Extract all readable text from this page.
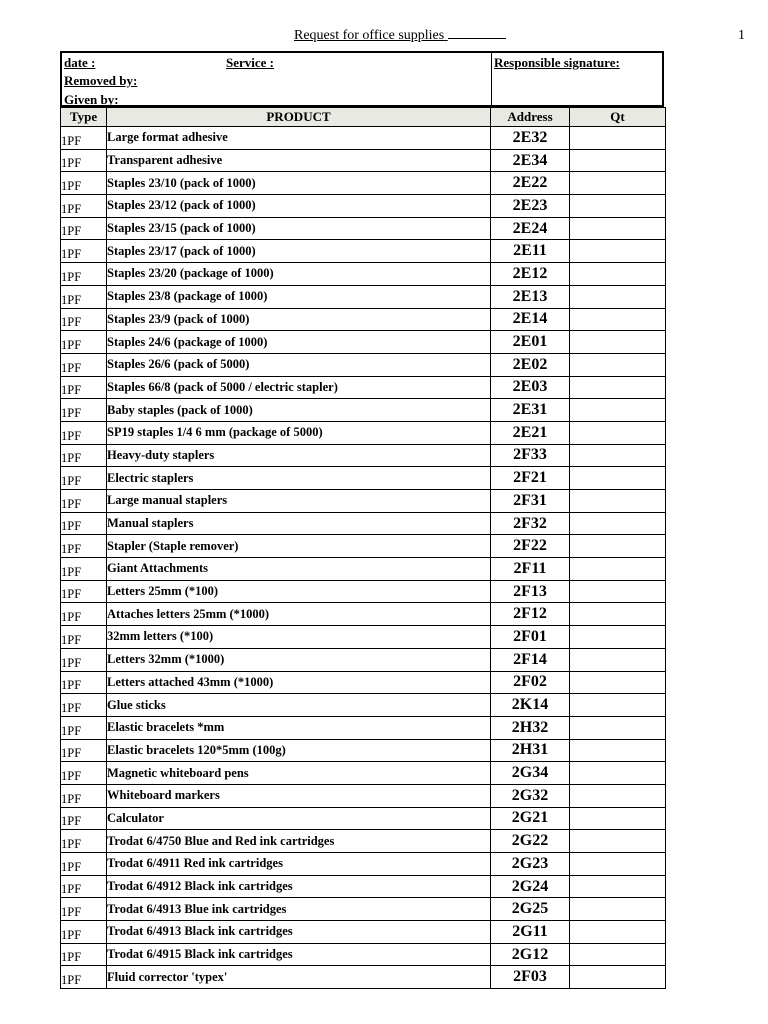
Request for office supplies	1
date :	Service :
Removed by:
Given by:
Responsible signature:
Type	PRODUCT	Address	Qt
1PF	Large format adhesive	2E32	
1PF	Transparent adhesive	2E34	
1PF	Staples 23/10 (pack of 1000)	2E22	
1PF	Staples 23/12 (pack of 1000)	2E23	
1PF	Staples 23/15 (pack of 1000)	2E24	
1PF	Staples 23/17 (pack of 1000)	2E11	
1PF	Staples 23/20 (package of 1000)	2E12	
1PF	Staples 23/8 (package of 1000)	2E13	
1PF	Staples 23/9 (pack of 1000)	2E14	
1PF	Staples 24/6 (package of 1000)	2E01	
1PF	Staples 26/6 (pack of 5000)	2E02	
1PF	Staples 66/8 (pack of 5000 / electric stapler)	2E03	
1PF	Baby staples (pack of 1000)	2E31	
1PF	SP19 staples 1/4 6 mm (package of 5000)	2E21	
1PF	Heavy-duty staplers	2F33	
1PF	Electric staplers	2F21	
1PF	Large manual staplers	2F31	
1PF	Manual staplers	2F32	
1PF	Stapler (Staple remover)	2F22	
1PF	Giant Attachments	2F11	
1PF	Letters 25mm (*100)	2F13	
1PF	Attaches letters 25mm (*1000)	2F12	
1PF	32mm letters (*100)	2F01	
1PF	Letters 32mm (*1000)	2F14	
1PF	Letters attached 43mm (*1000)	2F02	
1PF	Glue sticks	2K14	
1PF	Elastic bracelets *mm	2H32	
1PF	Elastic bracelets 120*5mm (100g)	2H31	
1PF	Magnetic whiteboard pens	2G34	
1PF	Whiteboard markers	2G32	
1PF	Calculator	2G21	
1PF	Trodat 6/4750 Blue and Red ink cartridges	2G22	
1PF	Trodat 6/4911 Red ink cartridges	2G23	
1PF	Trodat 6/4912 Black ink cartridges	2G24	
1PF	Trodat 6/4913 Blue ink cartridges	2G25	
1PF	Trodat 6/4913 Black ink cartridges	2G11	
1PF	Trodat 6/4915 Black ink cartridges	2G12	
1PF	Fluid corrector 'typex'	2F03	
